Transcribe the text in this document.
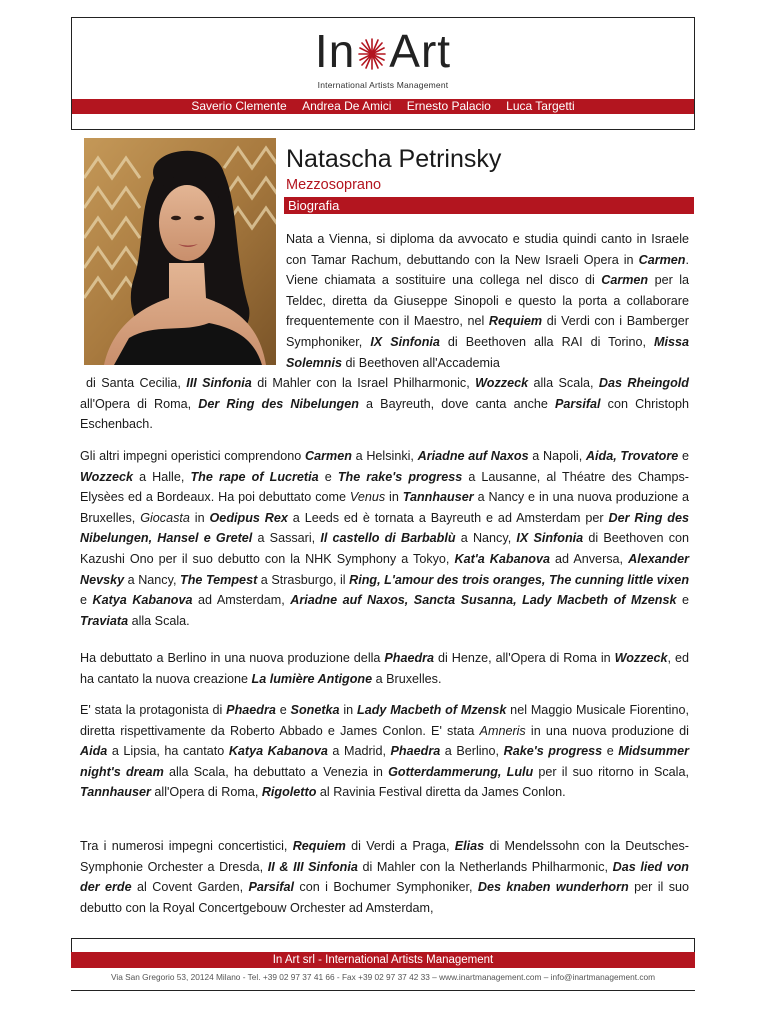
In Art
International Artists Management
Saverio Clemente Andrea De Amici Ernesto Palacio Luca Targetti
Natascha Petrinsky
Mezzosoprano
Biografia
Nata a Vienna, si diploma da avvocato e studia quindi canto in Israele con Tamar Rachum, debuttando con la New Israeli Opera in Carmen. Viene chiamata a sostituire una collega nel disco di Carmen per la Teldec, diretta da Giuseppe Sinopoli e questo la porta a collaborare frequentemente con il Maestro, nel Requiem di Verdi con i Bamberger Symphoniker, IX Sinfonia di Beethoven alla RAI di Torino, Missa Solemnis di Beethoven all'Accademia
di Santa Cecilia, III Sinfonia di Mahler con la Israel Philharmonic, Wozzeck alla Scala, Das Rheingold all'Opera di Roma, Der Ring des Nibelungen a Bayreuth, dove canta anche Parsifal con Christoph Eschenbach.
Gli altri impegni operistici comprendono Carmen a Helsinki, Ariadne auf Naxos a Napoli, Aida, Trovatore e Wozzeck a Halle, The rape of Lucretia e The rake's progress a Lausanne, al Théatre des Champs-Elysèes ed a Bordeaux. Ha poi debuttato come Venus in Tannhauser a Nancy e in una nuova produzione a Bruxelles, Giocasta in Oedipus Rex a Leeds ed è tornata a Bayreuth e ad Amsterdam per Der Ring des Nibelungen, Hansel e Gretel a Sassari, Il castello di Barbablù a Nancy, IX Sinfonia di Beethoven con Kazushi Ono per il suo debutto con la NHK Symphony a Tokyo, Kat'a Kabanova ad Anversa, Alexander Nevsky a Nancy, The Tempest a Strasburgo, il Ring, L'amour des trois oranges, The cunning little vixen e Katya Kabanova ad Amsterdam, Ariadne auf Naxos, Sancta Susanna, Lady Macbeth of Mzensk e Traviata alla Scala.
Ha debuttato a Berlino in una nuova produzione della Phaedra di Henze, all'Opera di Roma in Wozzeck, ed ha cantato la nuova creazione La lumière Antigone a Bruxelles.
E' stata la protagonista di Phaedra e Sonetka in Lady Macbeth of Mzensk nel Maggio Musicale Fiorentino, diretta rispettivamente da Roberto Abbado e James Conlon. E' stata Amneris in una nuova produzione di Aida a Lipsia, ha cantato Katya Kabanova a Madrid, Phaedra a Berlino, Rake's progress e Midsummer night's dream alla Scala, ha debuttato a Venezia in Gotterdammerung, Lulu per il suo ritorno in Scala, Tannhauser all'Opera di Roma, Rigoletto al Ravinia Festival diretta da James Conlon.
Tra i numerosi impegni concertistici, Requiem di Verdi a Praga, Elias di Mendelssohn con la Deutsches-Symphonie Orchester a Dresda, II & III Sinfonia di Mahler con la Netherlands Philharmonic, Das lied von der erde al Covent Garden, Parsifal con i Bochumer Symphoniker, Des knaben wunderhorn per il suo debutto con la Royal Concertgebouw Orchester ad Amsterdam,
In Art srl - International Artists Management
Via San Gregorio 53, 20124 Milano - Tel. +39 02 97 37 41 66 - Fax +39 02 97 37 42 33 – www.inartmanagement.com – info@inartmanagement.com
